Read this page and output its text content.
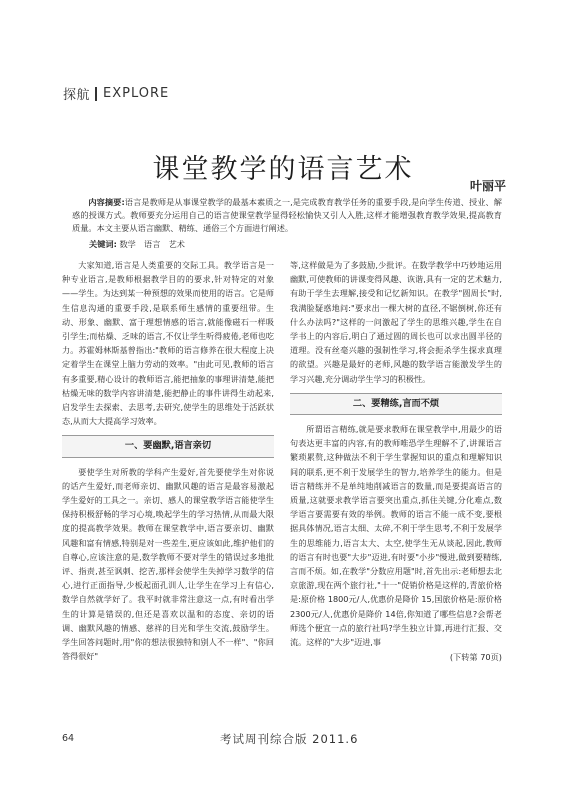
探航 EXPLORE
课堂教学的语言艺术
叶丽平
内容摘要:语言是教师是从事课堂教学的最基本素质之一,是完成教育教学任务的重要手段,是向学生传道、授业、解惑的授课方式。教师要充分运用自己的语言使课堂教学显得轻松愉快又引人入胜,这样才能增强教育教学效果,提高教育质量。本文主要从语言幽默、精练、通俗三个方面进行阐述。
关键词: 数学　语言　艺术

大家知道,语言是人类重要的交际工具。教学语言是一种专业语言,是教师根据教学目的的要求,针对特定的对象——学生。为达到某一种预想的效果而使用的语言。它是师生信息沟通的重要手段,是联系师生感情的重要纽带。生动、形象、幽默、富于理想情感的语言,就能像磁石一样吸引学生;而枯燥、乏味的语言,不仅让学生听得疲倦,老师也吃力。苏霍姆林斯基曾指出:"教师的语言修养在很大程度上决定着学生在课堂上脑力劳动的效率。"由此可见,教师的语言有多重要,精心设计的教师语言,能把抽象的事理讲清楚,能把枯燥无味的数学内容讲清楚,能把静止的事件讲得生动起来,启发学生去探索、去思考,去研究,使学生的思维处于活跃状态,从而大大提高学习效率。

一、要幽默,语言亲切

要使学生对所教的学科产生爱好,首先要使学生对你说的话产生爱好,而老师亲切、幽默风趣的语言是最容易激起学生爱好的工具之一。亲切、感人的课堂教学语言能使学生保持积极舒畅的学习心境,唤起学生的学习热情,从而最大限度的提高教学效果。教师在课堂教学中,语言要亲切、幽默风趣和富有情感,特别是对一些差生,更应该如此,维护他们的自尊心,应该注意的是,数学教师不要对学生的错误过多地批评、指责,甚至讽刺、挖苦,那样会使学生失掉学习数学的信心,进行正面指导,少板起面孔训人,让学生在学习上有信心,数学自然就学好了。我平时就非常注意这一点,有时看出学生的计算是错误的,但还是喜欢以温和的态度、亲切的语调、幽默风趣的情感、慈祥的目光和学生交流,鼓励学生。学生回答问题时,用"你的想法很独特和别人不一样"、"你回答得很好"

等,这样做是为了多鼓励,少批评。在数学教学中巧妙地运用幽默,可使教师的讲课变得风趣、诙谐,具有一定的艺术魅力,有助于学生去理解,接受和记忆新知识。在教学"圆周长"时,我满脸疑惑地问:"要求出一棵大树的直径,不锯倒树,你还有什么办法吗?"这样的一问激起了学生的思维兴趣,学生在自学书上的内容后,明白了通过圆的周长也可以求出圆半径的道理。没有丝毫兴趣的强制性学习,将会扼杀学生探求真理的欲望。兴趣是最好的老师,风趣的数学语言能激发学生的学习兴趣,充分调动学生学习的积极性。

二、要精练,言而不烦

所谓语言精练,就是要求教师在课堂教学中,用最少的语句表达更丰富的内容,有的教师唯恐学生理解不了,讲课语言繁琐累赘,这种做法不利于学生掌握知识的重点和理解知识间的联系,更不利于发展学生的智力,培养学生的能力。但是语言精练并不是单纯地削减语言的数量,而是要提高语言的质量,这就要求教学语言要突出重点,抓住关键,分化难点,数学语言要需要有效的举例。教师的语言不能一成不变,要根据具体情况,语言太细、太碎,不利于学生思考,不利于发展学生的思维能力,语言太大、太空,使学生无从谈起,因此,教师的语言有时也要"大步"迈进,有时要"小步"慢进,做到要精练,言而不烦。如,在教学"分数应用题"时,首先出示:老师想去北京旅游,现在两个旅行社,"十一"促销价格是这样的,青旅价格是:原价格 1800元/人,优惠价是降价 15,国旅价格是:原价格 2300元/人,优惠价是降价 14倍,你知道了哪些信息?会帮老师选个便宜一点的旅行社吗?学生独立计算,再进行汇报、交流。这样的"大步"迈进,事

(下转第 70页)
64	考试周刊综合版 2011.6
